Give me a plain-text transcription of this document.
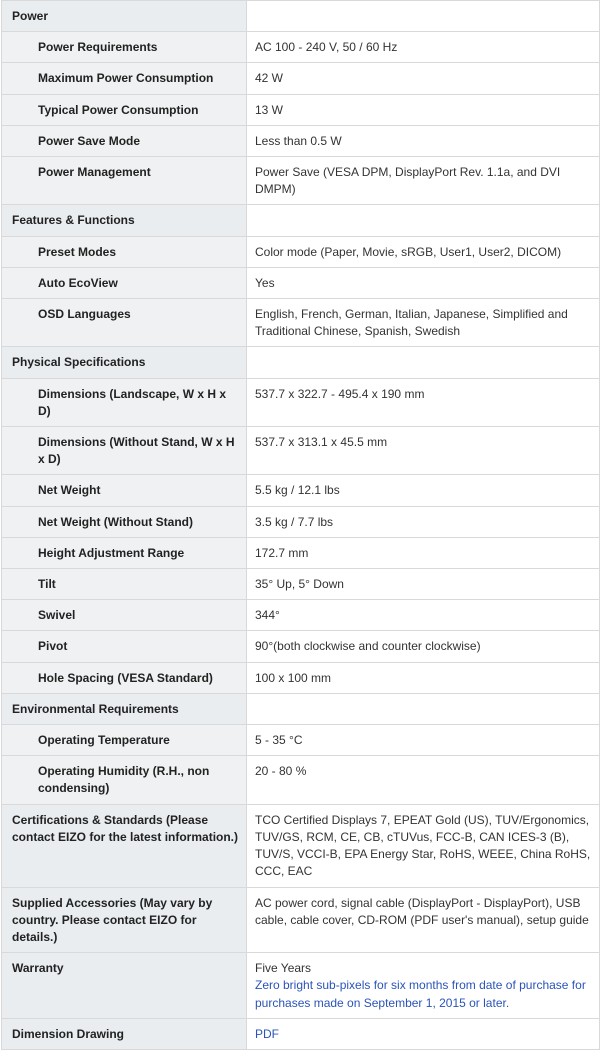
Power	
Power Requirements	AC 100 - 240 V, 50 / 60 Hz
Maximum Power Consumption	42 W
Typical Power Consumption	13 W
Power Save Mode	Less than 0.5 W
Power Management	Power Save (VESA DPM, DisplayPort Rev. 1.1a, and DVI DMPM)
Features & Functions	
Preset Modes	Color mode (Paper, Movie, sRGB, User1, User2, DICOM)
Auto EcoView	Yes
OSD Languages	English, French, German, Italian, Japanese, Simplified and Traditional Chinese, Spanish, Swedish
Physical Specifications	
Dimensions (Landscape, W x H x D)	537.7 x 322.7 - 495.4 x 190 mm
Dimensions (Without Stand, W x H x D)	537.7 x 313.1 x 45.5 mm
Net Weight	5.5 kg / 12.1 lbs
Net Weight (Without Stand)	3.5 kg / 7.7 lbs
Height Adjustment Range	172.7 mm
Tilt	35° Up, 5° Down
Swivel	344°
Pivot	90°(both clockwise and counter clockwise)
Hole Spacing (VESA Standard)	100 x 100 mm
Environmental Requirements	
Operating Temperature	5 - 35 °C
Operating Humidity (R.H., non condensing)	20 - 80 %
Certifications & Standards (Please contact EIZO for the latest information.)	TCO Certified Displays 7, EPEAT Gold (US), TUV/Ergonomics, TUV/GS, RCM, CE, CB, cTUVus, FCC-B, CAN ICES-3 (B), TUV/S, VCCI-B, EPA Energy Star, RoHS, WEEE, China RoHS, CCC, EAC
Supplied Accessories (May vary by country. Please contact EIZO for details.)	AC power cord, signal cable (DisplayPort - DisplayPort), USB cable, cable cover, CD-ROM (PDF user's manual), setup guide
Warranty	Five Years
Zero bright sub-pixels for six months from date of purchase for purchases made on September 1, 2015 or later.
Dimension Drawing	PDF
